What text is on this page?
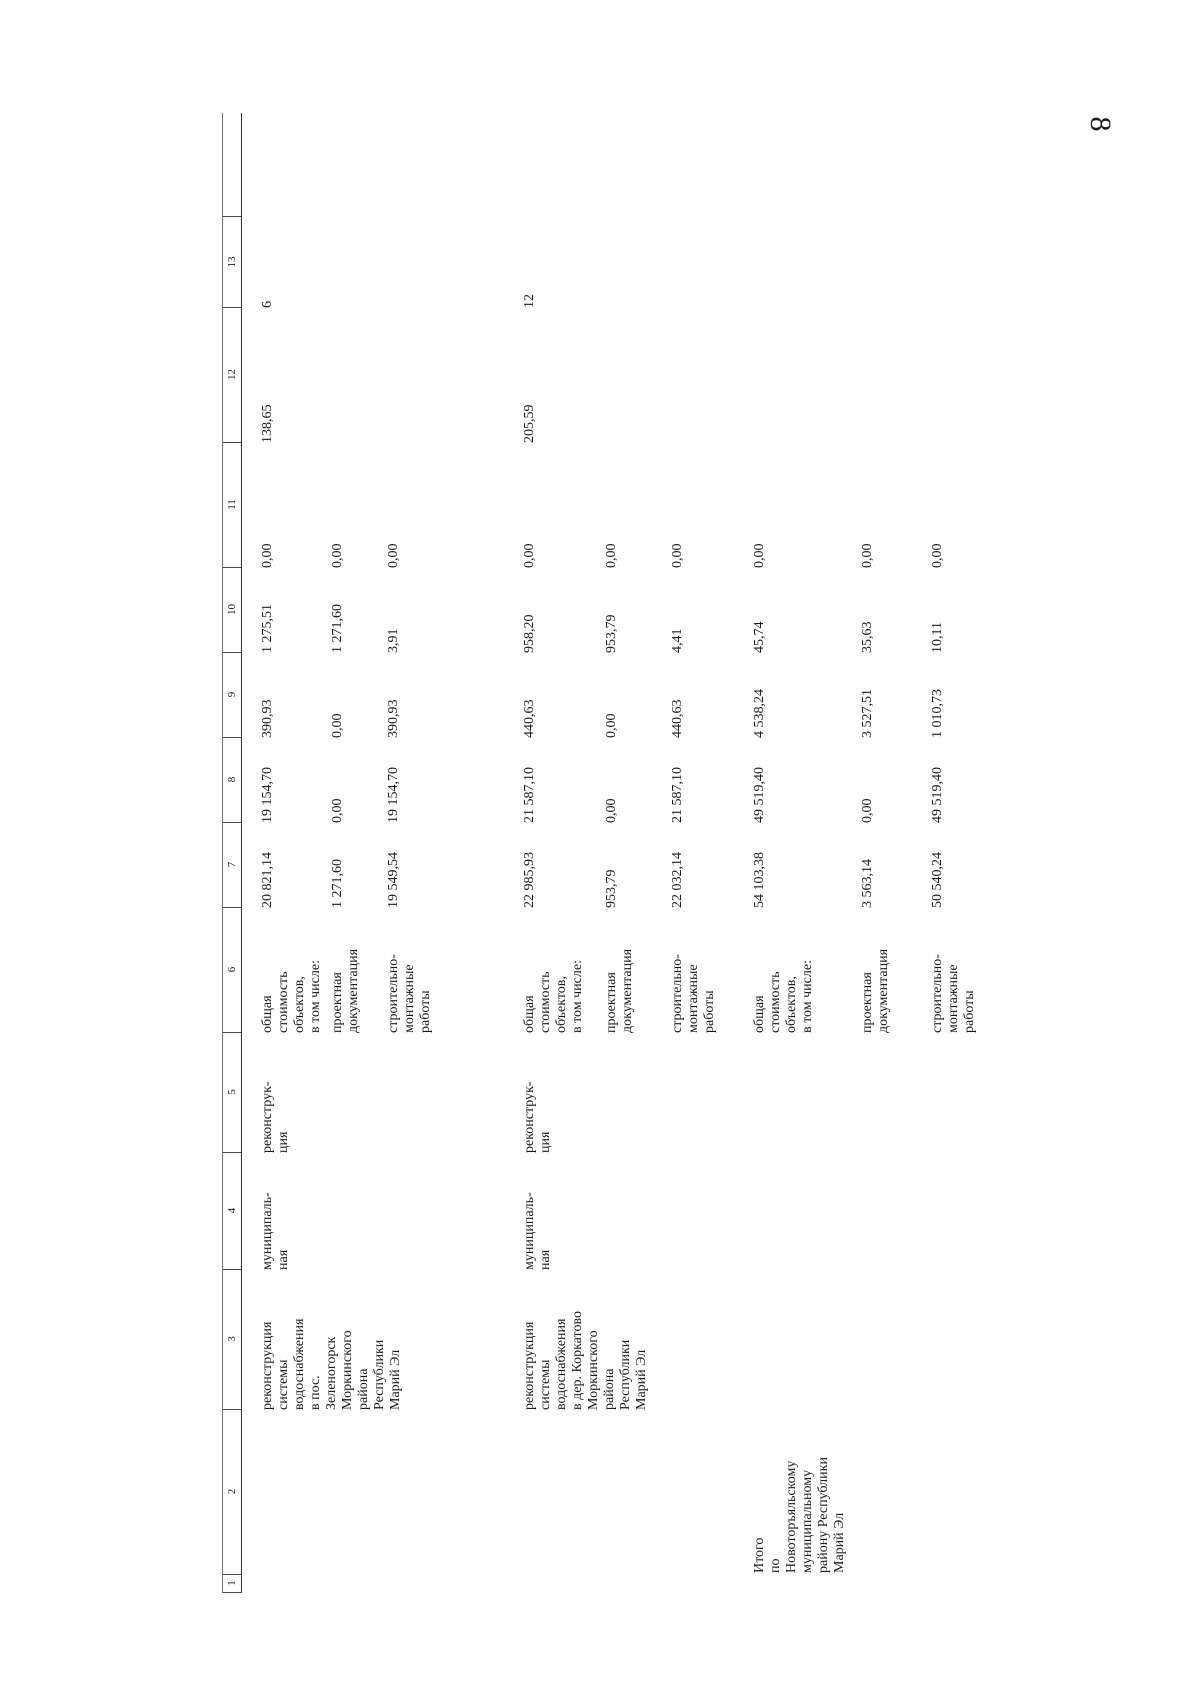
8
1
2
3
4
5
6
7
8
9
10
11
12
13
реконструкция системы водоснабжения в пос. Зеленогорск Моркинского района Республики Марий Эл
муниципаль- ная
реконструк- ция
общая стоимость объектов, в том числе:
20 821,14
19 154,70
390,93
1 275,51
0,00
138,65
6
проектная документация
1 271,60
0,00
0,00
1 271,60
0,00
строительно- монтажные работы
19 549,54
19 154,70
390,93
3,91
0,00
реконструкция системы водоснабжения в дер. Коркатово Моркинского района Республики Марий Эл
муниципаль- ная
реконструк- ция
общая стоимость объектов, в том числе:
22 985,93
21 587,10
440,63
958,20
0,00
205,59
12
проектная документация
953,79
0,00
0,00
953,79
0,00
строительно- монтажные работы
22 032,14
21 587,10
440,63
4,41
0,00
Итого по Новоторъяльскому муниципальному району Республики Марий Эл
общая стоимость объектов, в том числе:
54 103,38
49 519,40
4 538,24
45,74
0,00
проектная документация
3 563,14
0,00
3 527,51
35,63
0,00
строительно- монтажные работы
50 540,24
49 519,40
1 010,73
10,11
0,00
